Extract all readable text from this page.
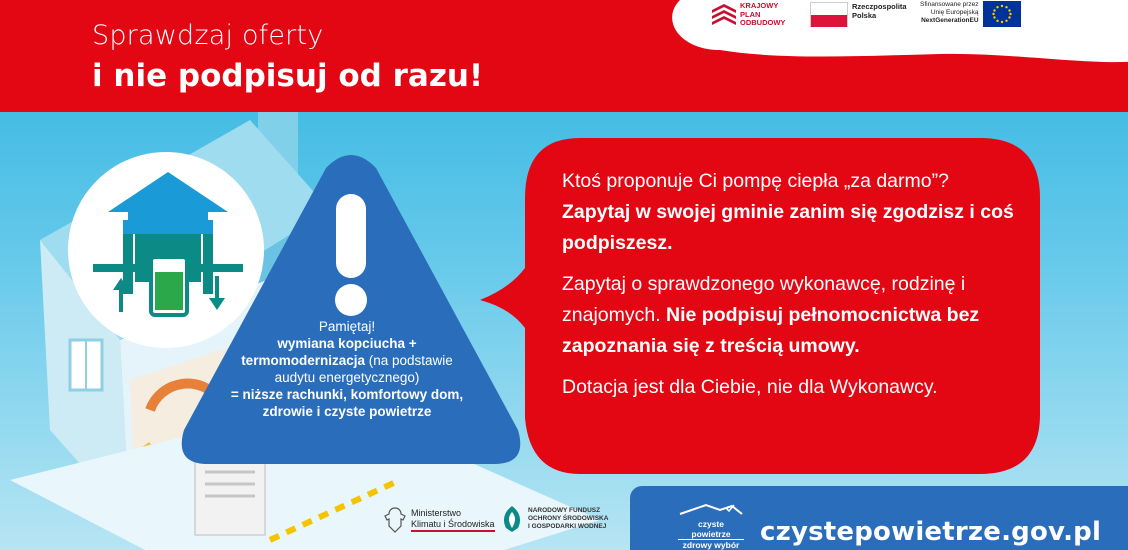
Sprawdzaj oferty
i nie podpisuj od razu!
KRAJOWY
PLAN
ODBUDOWY
Rzeczpospolita
Polska
Sfinansowane przez
Unię Europejską
NextGenerationEU
Pamiętaj!
wymiana kopciucha + termomodernizacja (na podstawie audytu energetycznego)
= niższe rachunki, komfortowy dom, zdrowie i czyste powietrze

Ktoś proponuje Ci pompę ciepła „za darmo”?
Zapytaj w swojej gminie zanim się zgodzisz i coś podpiszesz.

Zapytaj o sprawdzonego wykonawcę, rodzinę i znajomych. Nie podpisuj pełnomocnictwa bez zapoznania się z treścią umowy.

Dotacja jest dla Ciebie, nie dla Wykonawcy.

Ministerstwo
Klimatu i Środowiska
NARODOWY FUNDUSZ
OCHRONY ŚRODOWISKA
I GOSPODARKI WODNEJ	czyste powietrze
zdrowy wybór czystepowietrze.gov.pl
